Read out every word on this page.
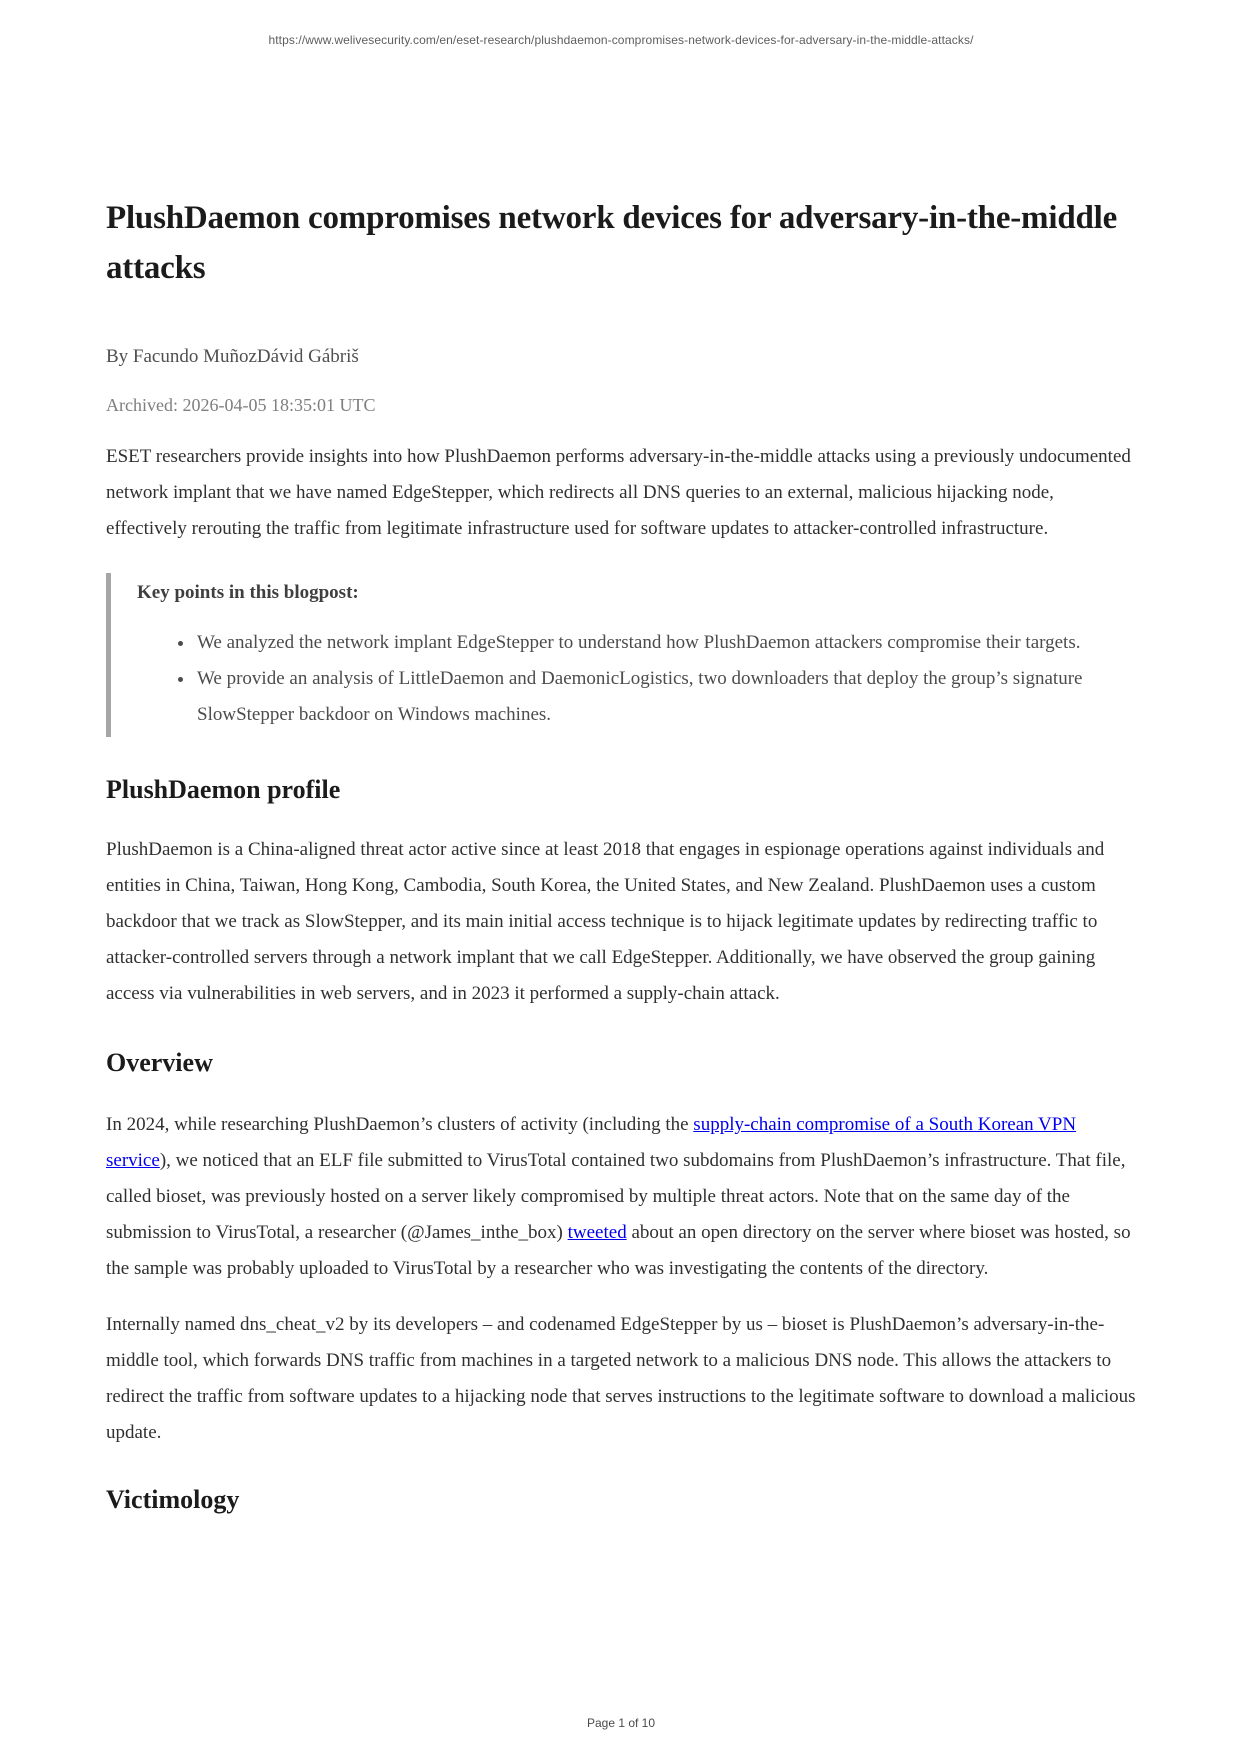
https://www.welivesecurity.com/en/eset-research/plushdaemon-compromises-network-devices-for-adversary-in-the-middle-attacks/
PlushDaemon compromises network devices for adversary-in-the-middle attacks

By Facundo MuñozDávid Gábriš

Archived: 2026-04-05 18:35:01 UTC

ESET researchers provide insights into how PlushDaemon performs adversary-in-the-middle attacks using a previously undocumented network implant that we have named EdgeStepper, which redirects all DNS queries to an external, malicious hijacking node, effectively rerouting the traffic from legitimate infrastructure used for software updates to attacker-controlled infrastructure.

Key points in this blogpost:

• We analyzed the network implant EdgeStepper to understand how PlushDaemon attackers compromise their targets.
• We provide an analysis of LittleDaemon and DaemonicLogistics, two downloaders that deploy the group’s signature SlowStepper backdoor on Windows machines.
PlushDaemon profile

PlushDaemon is a China-aligned threat actor active since at least 2018 that engages in espionage operations against individuals and entities in China, Taiwan, Hong Kong, Cambodia, South Korea, the United States, and New Zealand. PlushDaemon uses a custom backdoor that we track as SlowStepper, and its main initial access technique is to hijack legitimate updates by redirecting traffic to attacker-controlled servers through a network implant that we call EdgeStepper. Additionally, we have observed the group gaining access via vulnerabilities in web servers, and in 2023 it performed a supply-chain attack.

Overview

In 2024, while researching PlushDaemon’s clusters of activity (including the supply-chain compromise of a South Korean VPN service), we noticed that an ELF file submitted to VirusTotal contained two subdomains from PlushDaemon’s infrastructure. That file, called bioset, was previously hosted on a server likely compromised by multiple threat actors. Note that on the same day of the submission to VirusTotal, a researcher (@James_inthe_box) tweeted about an open directory on the server where bioset was hosted, so the sample was probably uploaded to VirusTotal by a researcher who was investigating the contents of the directory.

Internally named dns_cheat_v2 by its developers – and codenamed EdgeStepper by us – bioset is PlushDaemon’s adversary-in-the-middle tool, which forwards DNS traffic from machines in a targeted network to a malicious DNS node. This allows the attackers to redirect the traffic from software updates to a hijacking node that serves instructions to the legitimate software to download a malicious update.

Victimology
Page 1 of 10
